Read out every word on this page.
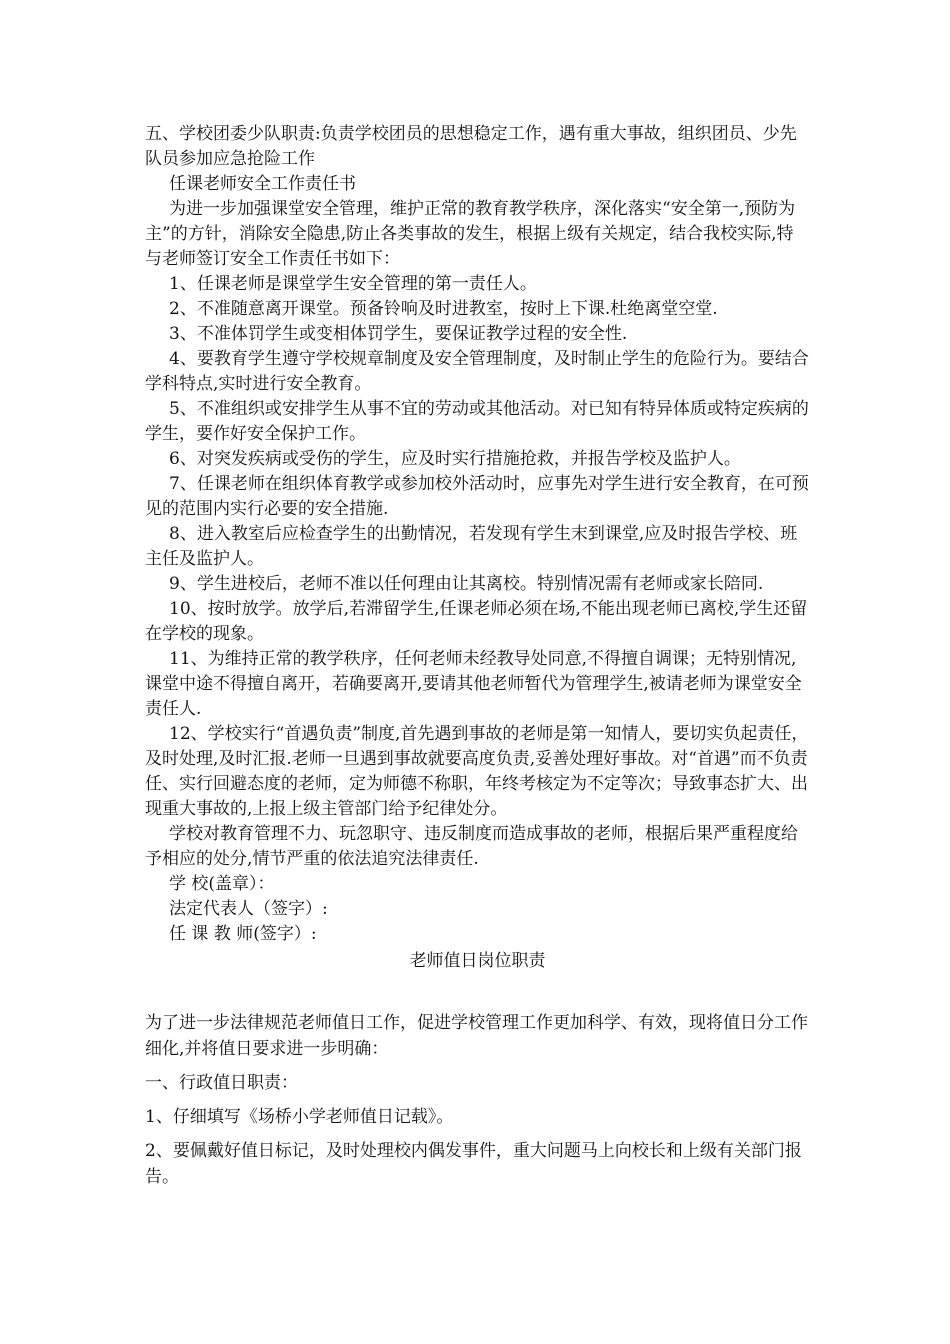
五、学校团委少队职责:负责学校团员的思想稳定工作，遇有重大事故，组织团员、少先队员参加应急抢险工作

任课老师安全工作责任书

为进一步加强课堂安全管理，维护正常的教育教学秩序，深化落实“安全第一,预防为主”的方针，消除安全隐患,防止各类事故的发生，根据上级有关规定，结合我校实际,特与老师签订安全工作责任书如下：

1、任课老师是课堂学生安全管理的第一责任人。

2、不准随意离开课堂。预备铃响及时进教室，按时上下课.杜绝离堂空堂.

3、不准体罚学生或变相体罚学生，要保证教学过程的安全性.

4、要教育学生遵守学校规章制度及安全管理制度，及时制止学生的危险行为。要结合学科特点,实时进行安全教育。

5、不准组织或安排学生从事不宜的劳动或其他活动。对已知有特异体质或特定疾病的学生，要作好安全保护工作。

6、对突发疾病或受伤的学生，应及时实行措施抢救，并报告学校及监护人。

7、任课老师在组织体育教学或参加校外活动时，应事先对学生进行安全教育，在可预见的范围内实行必要的安全措施.

8、进入教室后应检查学生的出勤情况，若发现有学生末到课堂,应及时报告学校、班主任及监护人。

9、学生进校后，老师不准以任何理由让其离校。特别情况需有老师或家长陪同.

10、按时放学。放学后,若滞留学生,任课老师必须在场,不能出现老师已离校,学生还留在学校的现象。

11、为维持正常的教学秩序，任何老师未经教导处同意,不得擅自调课；无特别情况,课堂中途不得擅自离开，若确要离开,要请其他老师暂代为管理学生,被请老师为课堂安全责任人.

12、学校实行“首遇负责”制度,首先遇到事故的老师是第一知情人，要切实负起责任，及时处理,及时汇报.老师一旦遇到事故就要高度负责,妥善处理好事故。对“首遇”而不负责任、实行回避态度的老师，定为师德不称职，年终考核定为不定等次；导致事态扩大、出现重大事故的,上报上级主管部门给予纪律处分。

学校对教育管理不力、玩忽职守、违反制度而造成事故的老师，根据后果严重程度给予相应的处分,情节严重的依法追究法律责任.

学 校(盖章）：

法定代表人（签字）:

任 课 教 师(签字）:

老师值日岗位职责

为了进一步法律规范老师值日工作，促进学校管理工作更加科学、有效，现将值日分工作细化,并将值日要求进一步明确：

一、行政值日职责：

1、仔细填写《场桥小学老师值日记载》。

2、要佩戴好值日标记，及时处理校内偶发事件，重大问题马上向校长和上级有关部门报告。
